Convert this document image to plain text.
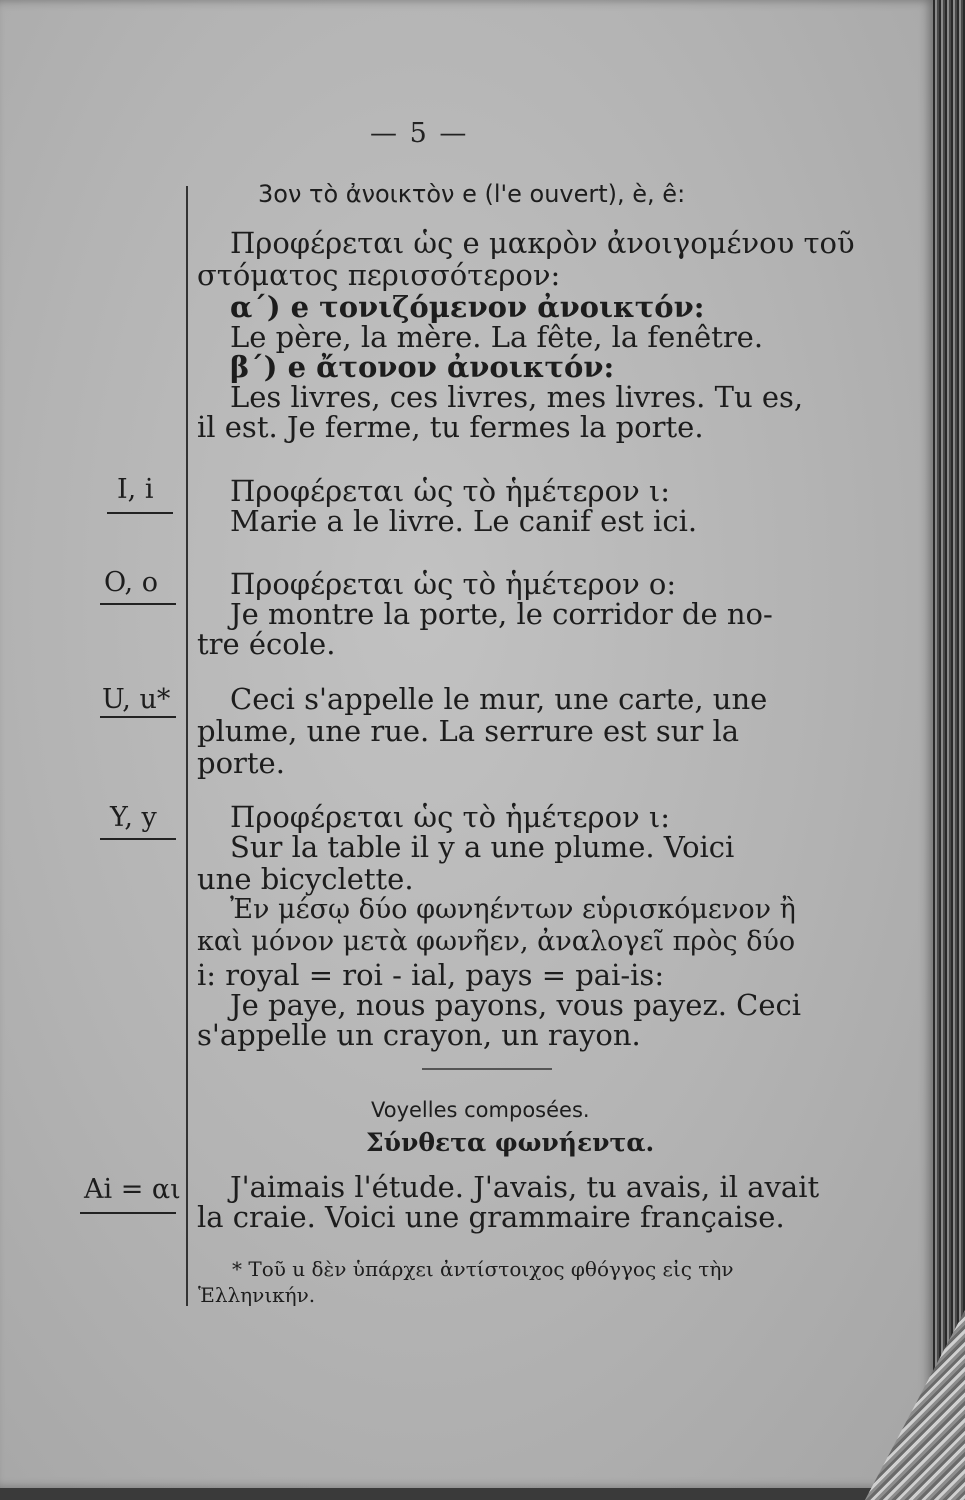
— 5 —
3ον τὸ ἀνοικτὸν e (l'e ouvert), è, ê:
Προφέρεται ὡς e μακρὸν ἀνοιγομένου τοῦ
στόματος περισσότερον:
α΄) e τονιζόμενον ἀνοικτόν:
Le père, la mère. La fête, la fenêtre.
β΄) e ἄτονον ἀνοικτόν:
Les livres, ces livres, mes livres. Tu es,
il est. Je ferme, tu fermes la porte.
I, i	Προφέρεται ὡς τὸ ἡμέτερον ι:
Marie a le livre. Le canif est ici.
O, o Προφέρεται ὡς τὸ ἡμέτερον ο:
Je montre la porte, le corridor de no-
tre école.
U, u* Ceci s'appelle le mur, une carte, une
plume, une rue. La serrure est sur la
porte.
Y, y	Προφέρεται ὡς τὸ ἡμέτερον ι:
Sur la table il y a une plume. Voici
une bicyclette.
Ἐν μέσῳ δύο φωνηέντων εὑρισκόμενον ἢ
καὶ μόνον μετὰ φωνῆεν, ἀναλογεῖ πρὸς δύο
i: royal = roi - ial, pays = pai-is:
Je paye, nous payons, vous payez. Ceci
s'appelle un crayon, un rayon.
Voyelles composées.
Σύνθετα φωνήεντα.
Ai = αι J'aimais l'étude. J'avais, tu avais, il avait
la craie. Voici une grammaire française.
* Τοῦ u δὲν ὑπάρχει ἀντίστοιχος φθόγγος εἰς τὴν
Ἑλληνικήν.
